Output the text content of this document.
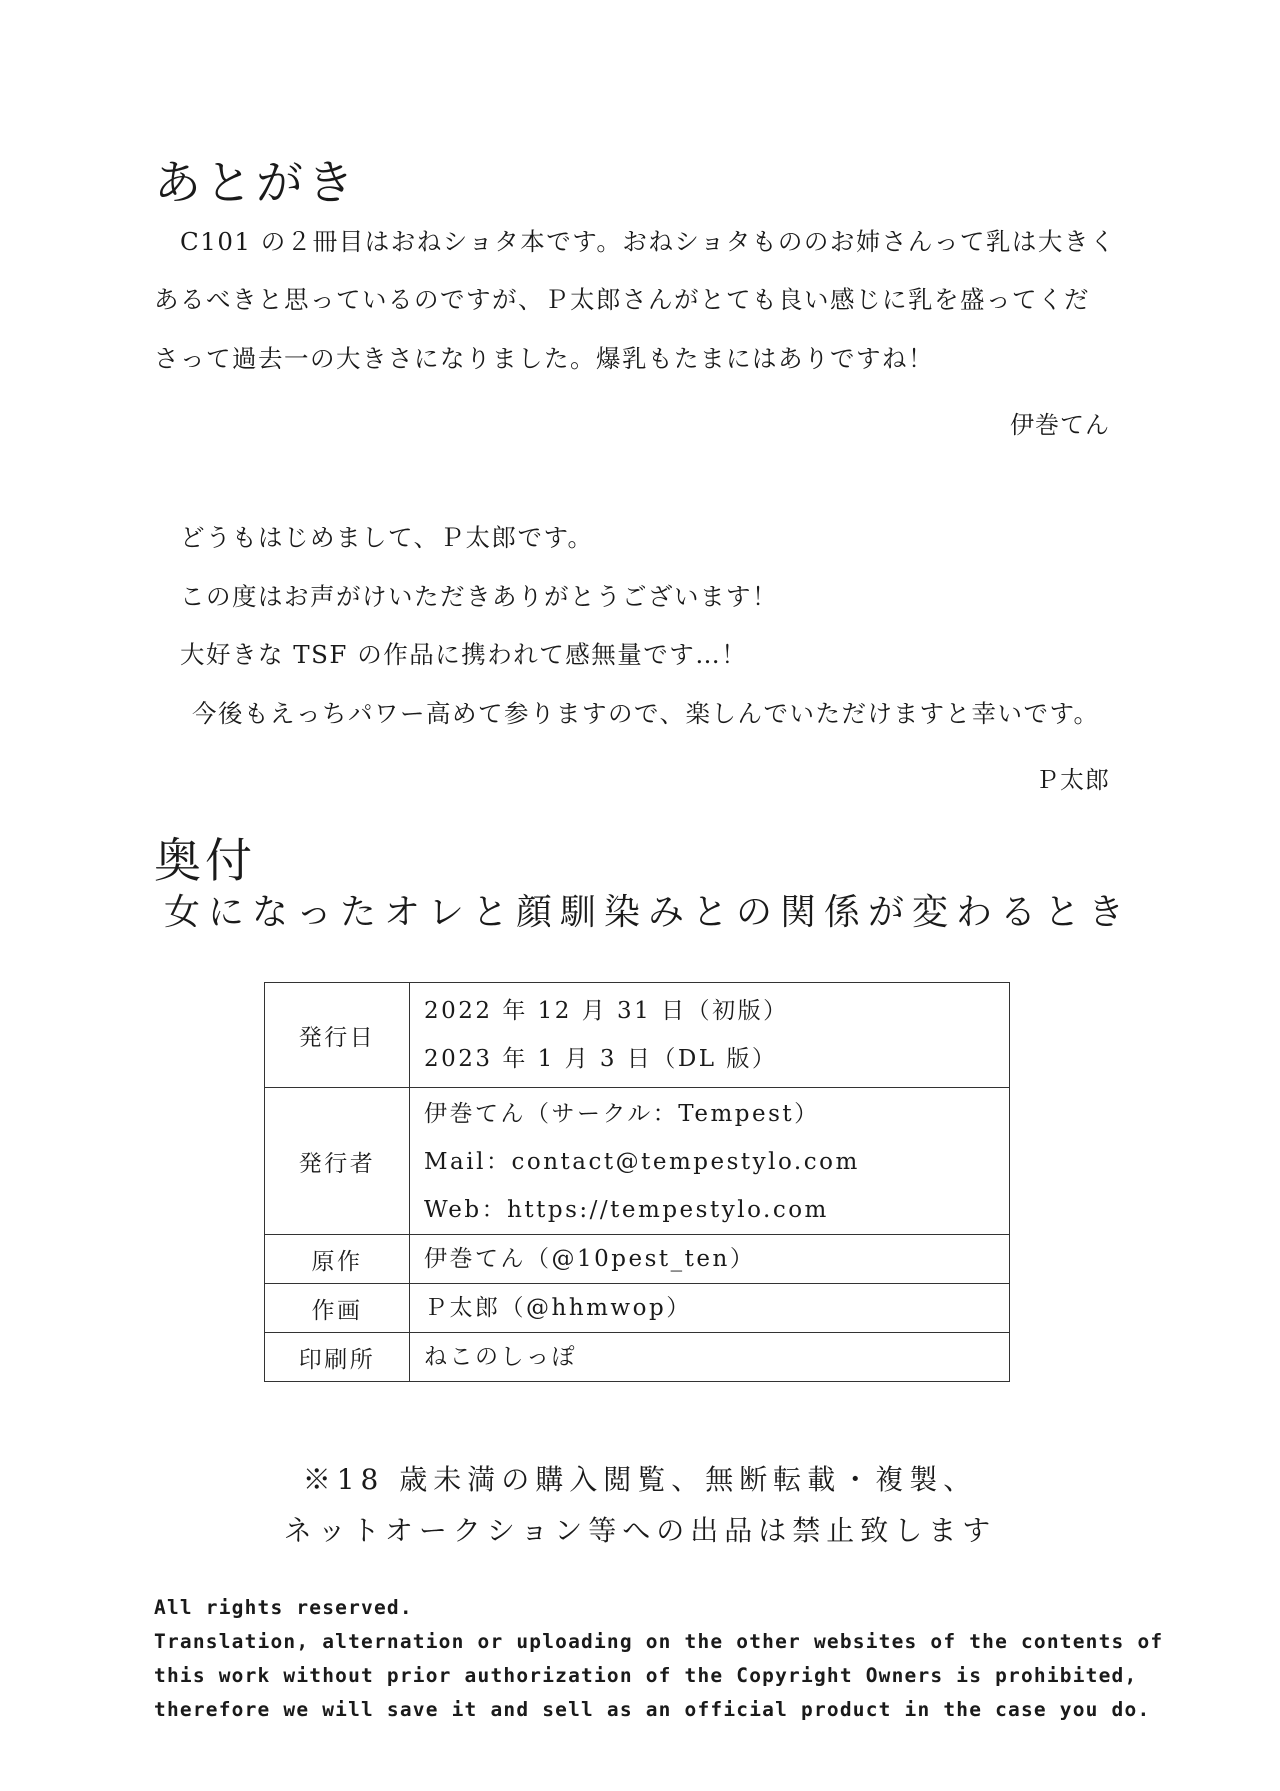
あとがき
C101 の２冊目はおねショタ本です。おねショタもののお姉さんって乳は大きく
あるべきと思っているのですが、Ｐ太郎さんがとても良い感じに乳を盛ってくだ
さって過去一の大きさになりました。爆乳もたまにはありですね！
伊巻てん
どうもはじめまして、Ｐ太郎です。
この度はお声がけいただきありがとうございます！
大好きな TSF の作品に携われて感無量です…！
今後もえっちパワー高めて参りますので、楽しんでいただけますと幸いです。
Ｐ太郎
奥付
女になったオレと顔馴染みとの関係が変わるとき
発行日	2022 年 12 月 31 日（初版）
2023 年 1 月 3 日（DL 版）

発行者	伊巻てん（サークル：Tempest）
Mail：contact@tempestylo.com
Web：https://tempestylo.com

原作	伊巻てん（@10pest_ten）

作画	Ｐ太郎（@hhmwop）

印刷所	ねこのしっぽ
※18 歳未満の購入閲覧、無断転載・複製、
ネットオークション等への出品は禁止致します
All rights reserved.
Translation, alternation or uploading on the other websites of the contents of
this work without prior authorization of the Copyright Owners is prohibited,
therefore we will save it and sell as an official product in the case you do.
